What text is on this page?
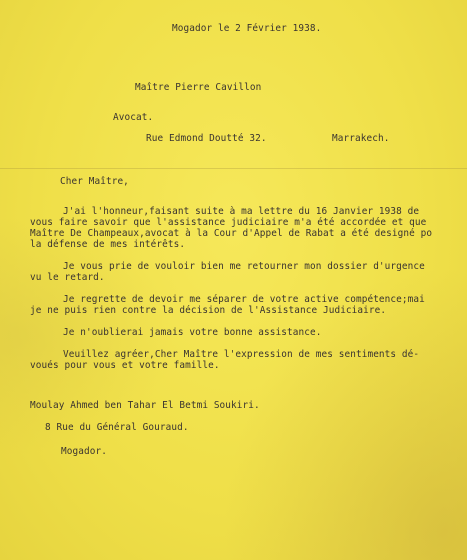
Mogador le 2 Février 1938.

Maître Pierre Cavillon

Avocat.

Rue Edmond Doutté 32.	Marrakech.

Cher Maître,

J'ai l'honneur,faisant suite à ma lettre du 16 Janvier 1938 de

vous faire savoir que l'assistance judiciaire m'a été accordée et que

Maître De Champeaux,avocat à la Cour d'Appel de Rabat a été designé po

la défense de mes intérêts.

Je vous prie de vouloir bien me retourner mon dossier d'urgence

vu le retard.

Je regrette de devoir me séparer de votre active compétence;mai

je ne puis rien contre la décision de l'Assistance Judiciaire.

Je n'oublierai jamais votre bonne assistance.

Veuillez agréer,Cher Maître l'expression de mes sentiments dé-

voués pour vous et votre famille.

Moulay Ahmed ben Tahar El Betmi Soukiri.

8 Rue du Général Gouraud.

Mogador.
